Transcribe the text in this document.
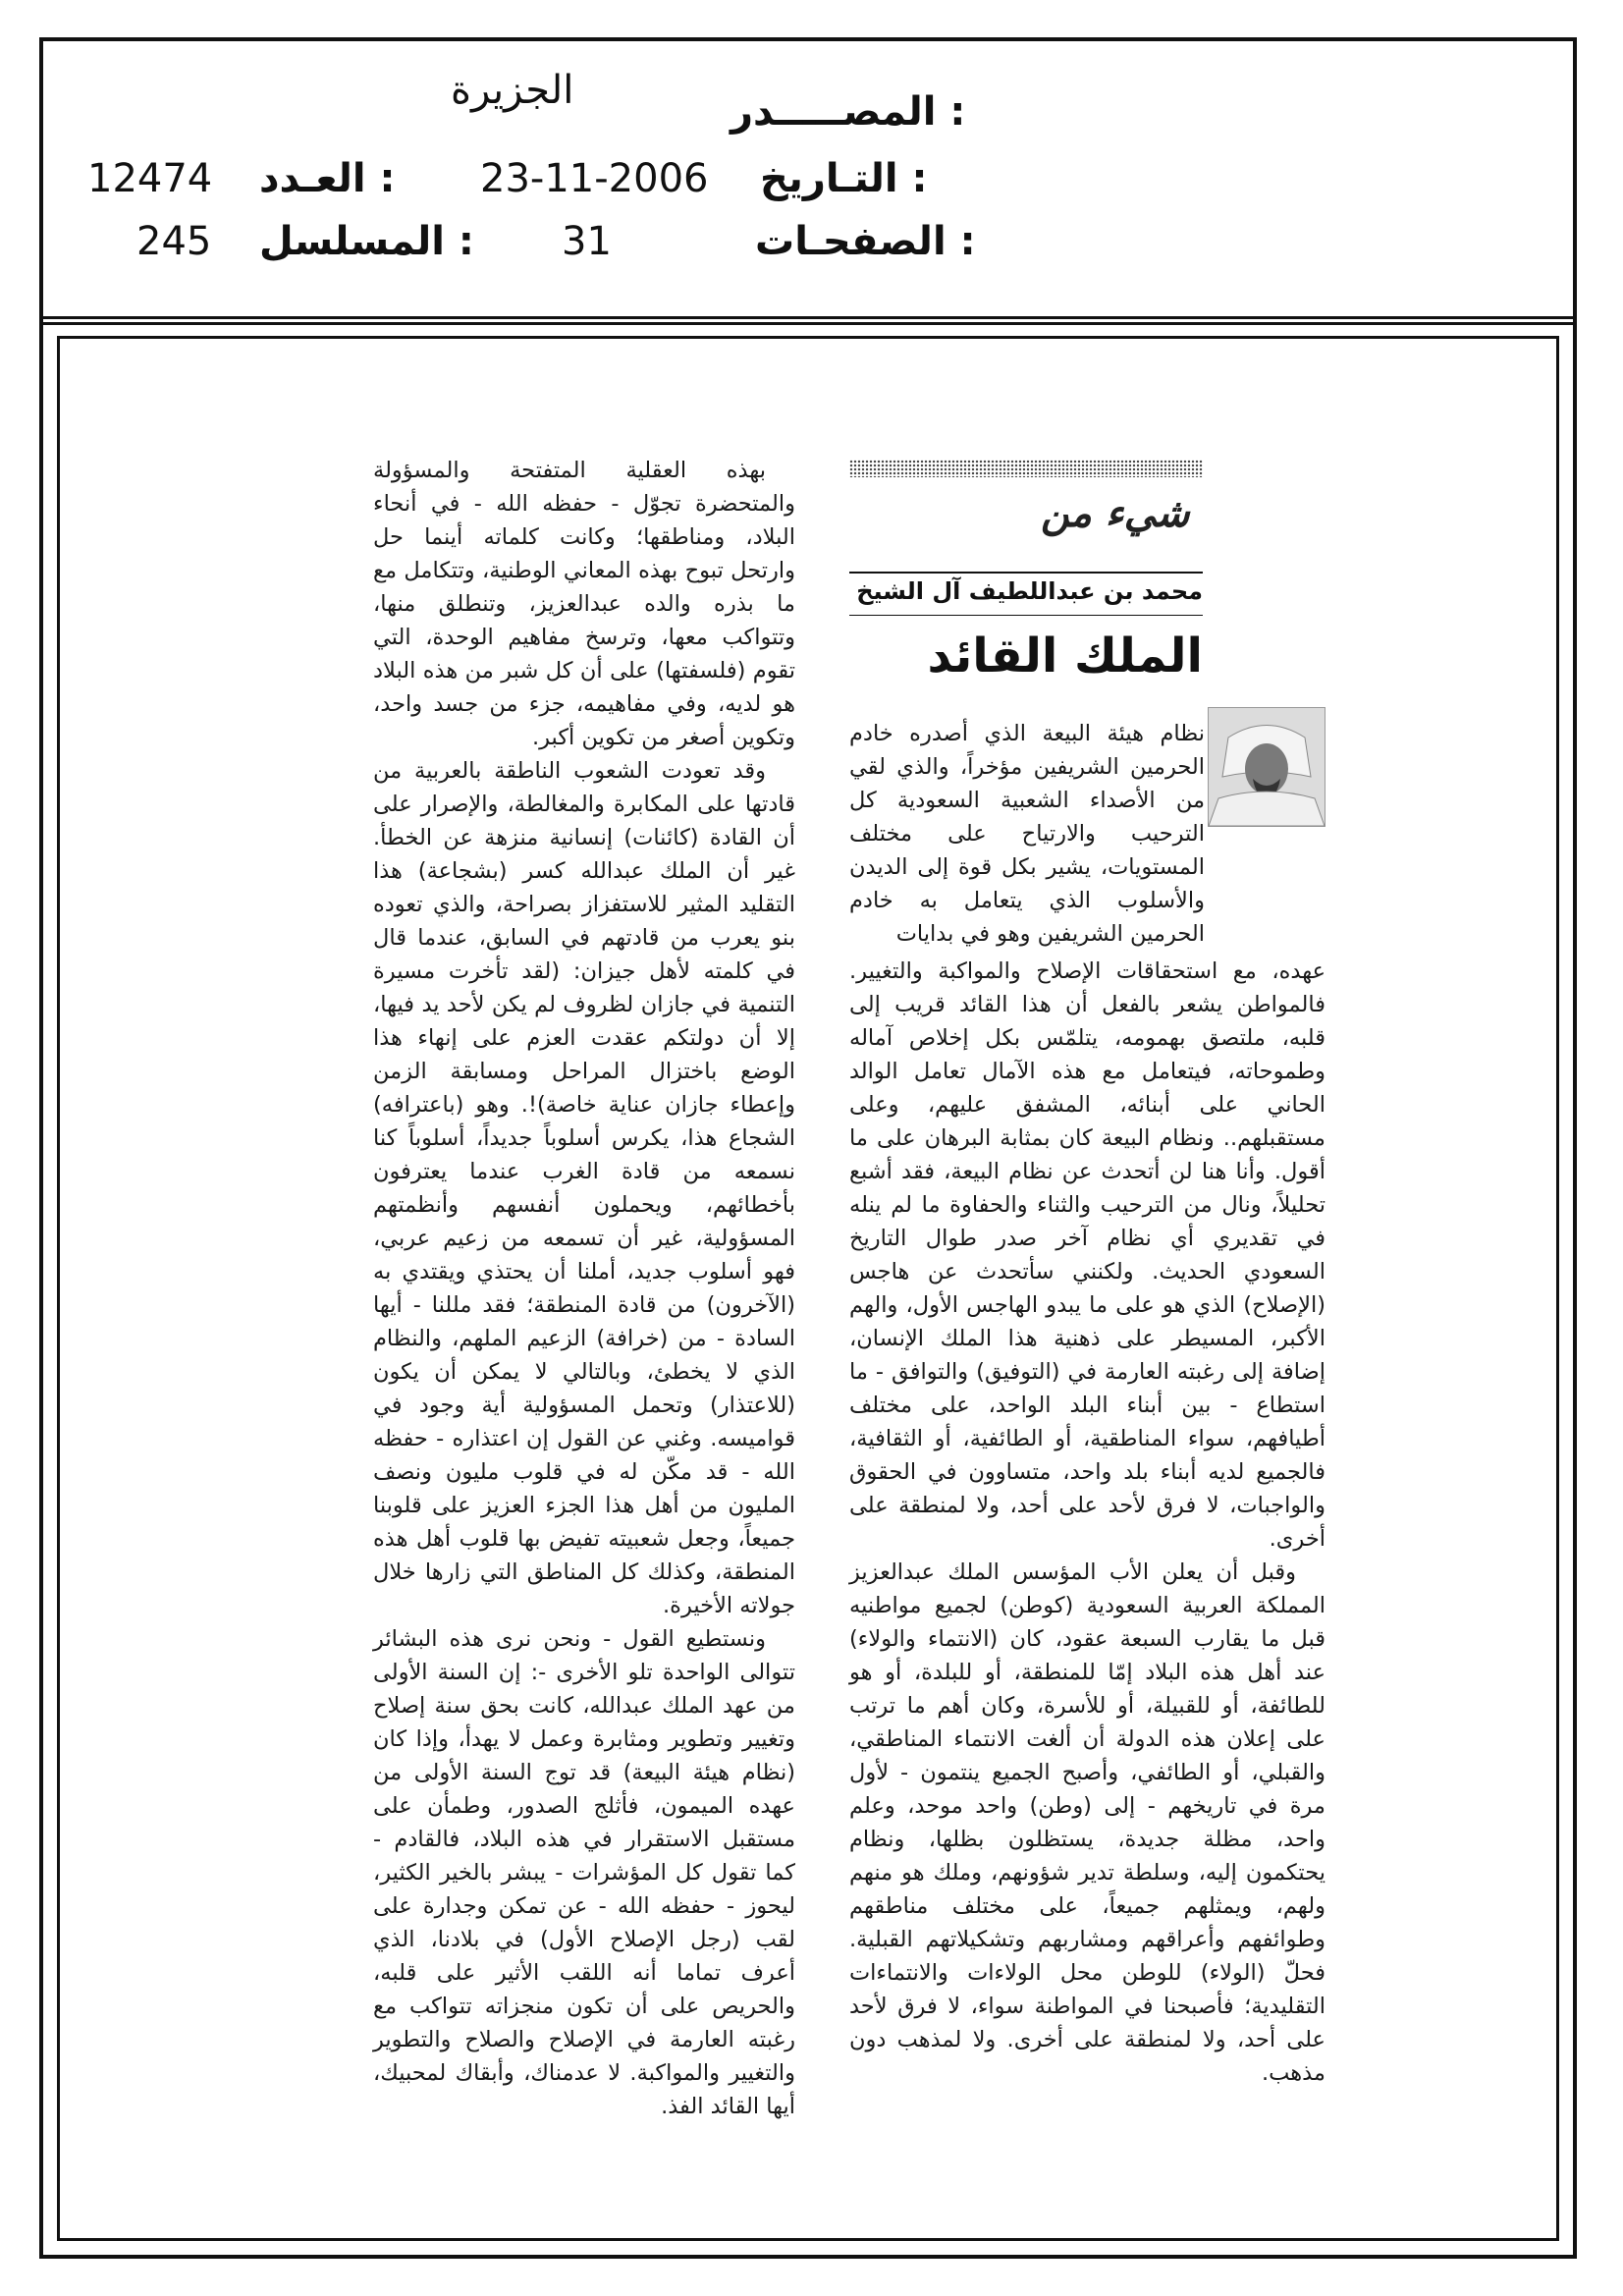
المصـــــدر :
الجزيرة
التـاريخ :
23-11-2006
العـدد :
12474
الصفحـات :
31
المسلسل :
245
شيء من
محمد بن عبداللطيف آل الشيخ
الملك القائد

نظام هيئة البيعة الذي أصدره خادم الحرمين الشريفين مؤخراً، والذي لقي من الأصداء الشعبية السعودية كل الترحيب والارتياح على مختلف المستويات، يشير بكل قوة إلى الديدن والأسلوب الذي يتعامل به خادم الحرمين الشريفين وهو في بدايات

عهده، مع استحقاقات الإصلاح والمواكبة والتغيير. فالمواطن يشعر بالفعل أن هذا القائد قريب إلى قلبه، ملتصق بهمومه، يتلمّس بكل إخلاص آماله وطموحاته، فيتعامل مع هذه الآمال تعامل الوالد الحاني على أبنائه، المشفق عليهم، وعلى مستقبلهم.. ونظام البيعة كان بمثابة البرهان على ما أقول. وأنا هنا لن أتحدث عن نظام البيعة، فقد أشبع تحليلاً، ونال من الترحيب والثناء والحفاوة ما لم ينله في تقديري أي نظام آخر صدر طوال التاريخ السعودي الحديث. ولكنني سأتحدث عن هاجس (الإصلاح) الذي هو على ما يبدو الهاجس الأول، والهم الأكبر، المسيطر على ذهنية هذا الملك الإنسان، إضافة إلى رغبته العارمة في (التوفيق) والتوافق - ما استطاع - بين أبناء البلد الواحد، على مختلف أطيافهم، سواء المناطقية، أو الطائفية، أو الثقافية، فالجميع لديه أبناء بلد واحد، متساوون في الحقوق والواجبات، لا فرق لأحد على أحد، ولا لمنطقة على أخرى.

وقبل أن يعلن الأب المؤسس الملك عبدالعزيز المملكة العربية السعودية (كوطن) لجميع مواطنيه قبل ما يقارب السبعة عقود، كان (الانتماء والولاء) عند أهل هذه البلاد إمّا للمنطقة، أو للبلدة، أو هو للطائفة، أو للقبيلة، أو للأسرة، وكان أهم ما ترتب على إعلان هذه الدولة أن ألغت الانتماء المناطقي، والقبلي، أو الطائفي، وأصبح الجميع ينتمون - لأول مرة في تاريخهم - إلى (وطن) واحد موحد، وعلم واحد، مظلة جديدة، يستظلون بظلها، ونظام يحتكمون إليه، وسلطة تدير شؤونهم، وملك هو منهم ولهم، ويمثلهم جميعاً، على مختلف مناطقهم وطوائفهم وأعراقهم ومشاربهم وتشكيلاتهم القبلية. فحلّ (الولاء) للوطن محل الولاءات والانتماءات التقليدية؛ فأصبحنا في المواطنة سواء، لا فرق لأحد على أحد، ولا لمنطقة على أخرى. ولا لمذهب دون مذهب.

بهذه العقلية المتفتحة والمسؤولة والمتحضرة تجوّل - حفظه الله - في أنحاء البلاد، ومناطقها؛ وكانت كلماته أينما حل وارتحل تبوح بهذه المعاني الوطنية، وتتكامل مع ما بذره والده عبدالعزيز، وتنطلق منها، وتتواكب معها، وترسخ مفاهيم الوحدة، التي تقوم (فلسفتها) على أن كل شبر من هذه البلاد هو لديه، وفي مفاهيمه، جزء من جسد واحد، وتكوين أصغر من تكوين أكبر.

وقد تعودت الشعوب الناطقة بالعربية من قادتها على المكابرة والمغالطة، والإصرار على أن القادة (كائنات) إنسانية منزهة عن الخطأ. غير أن الملك عبدالله كسر (بشجاعة) هذا التقليد المثير للاستفزاز بصراحة، والذي تعوده بنو يعرب من قادتهم في السابق، عندما قال في كلمته لأهل جيزان: (لقد تأخرت مسيرة التنمية في جازان لظروف لم يكن لأحد يد فيها، إلا أن دولتكم عقدت العزم على إنهاء هذا الوضع باختزال المراحل ومسابقة الزمن وإعطاء جازان عناية خاصة)!. وهو (باعترافه) الشجاع هذا، يكرس أسلوباً جديداً، أسلوباً كنا نسمعه من قادة الغرب عندما يعترفون بأخطائهم، ويحملون أنفسهم وأنظمتهم المسؤولية، غير أن تسمعه من زعيم عربي، فهو أسلوب جديد، أملنا أن يحتذي ويقتدي به (الآخرون) من قادة المنطقة؛ فقد مللنا - أيها السادة - من (خرافة) الزعيم الملهم، والنظام الذي لا يخطئ، وبالتالي لا يمكن أن يكون (للاعتذار) وتحمل المسؤولية أية وجود في قواميسه. وغني عن القول إن اعتذاره - حفظه الله - قد مكّن له في قلوب مليون ونصف المليون من أهل هذا الجزء العزيز على قلوبنا جميعاً، وجعل شعبيته تفيض بها قلوب أهل هذه المنطقة، وكذلك كل المناطق التي زارها خلال جولاته الأخيرة.

ونستطيع القول - ونحن نرى هذه البشائر تتوالى الواحدة تلو الأخرى -: إن السنة الأولى من عهد الملك عبدالله، كانت بحق سنة إصلاح وتغيير وتطوير ومثابرة وعمل لا يهدأ، وإذا كان (نظام هيئة البيعة) قد توج السنة الأولى من عهده الميمون، فأثلج الصدور، وطمأن على مستقبل الاستقرار في هذه البلاد، فالقادم - كما تقول كل المؤشرات - يبشر بالخير الكثير، ليحوز - حفظه الله - عن تمكن وجدارة على لقب (رجل الإصلاح الأول) في بلادنا، الذي أعرف تماما أنه اللقب الأثير على قلبه، والحريص على أن تكون منجزاته تتواكب مع رغبته العارمة في الإصلاح والصلاح والتطوير والتغيير والمواكبة. لا عدمناك، وأبقاك لمحبيك، أيها القائد الفذ.
